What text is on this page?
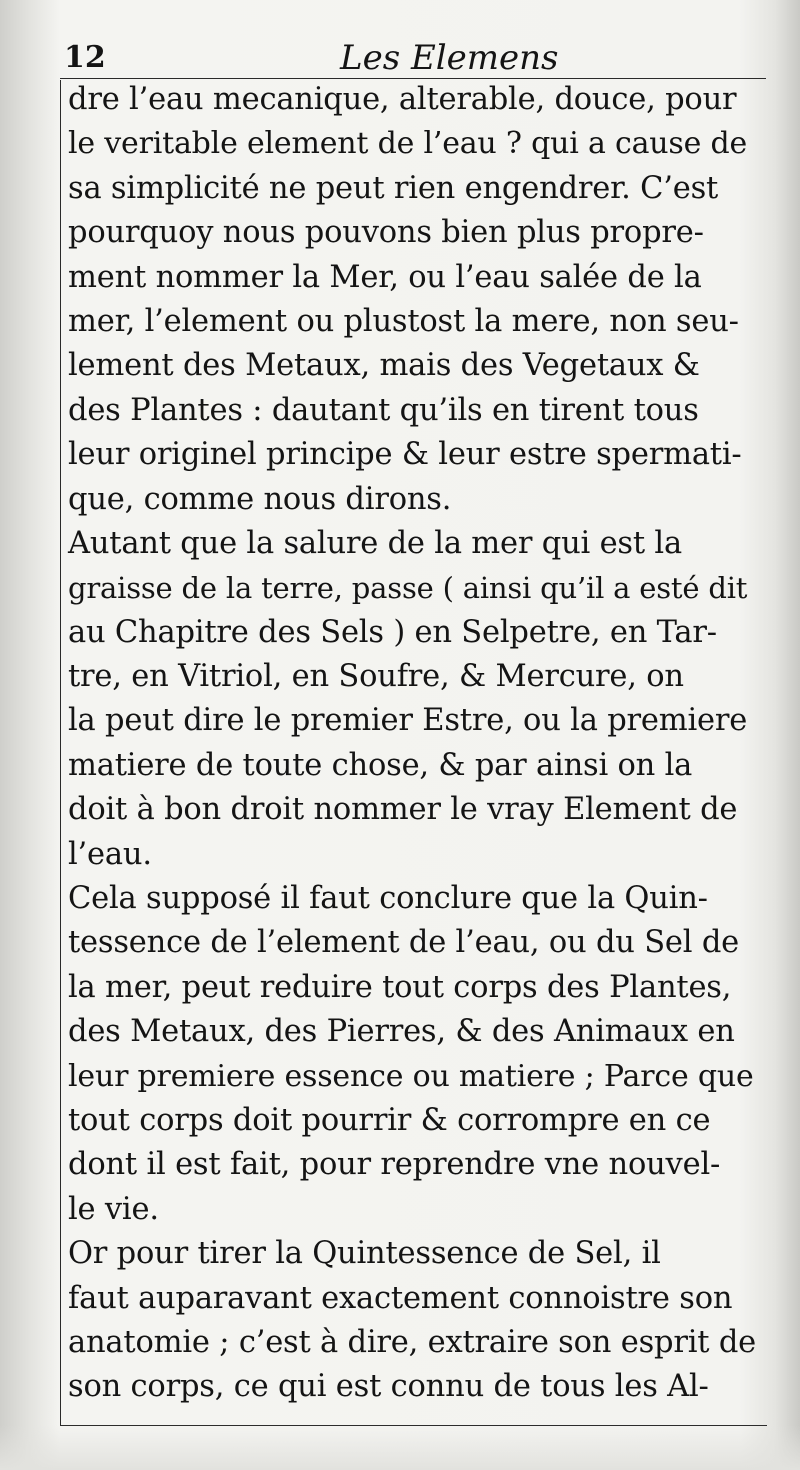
12	Les Elemens
dre l’eau mecanique, alterable, douce, pour
le veritable element de l’eau ? qui a cause de
sa simplicité ne peut rien engendrer. C’est
pourquoy nous pouvons bien plus propre-
ment nommer la Mer, ou l’eau salée de la
mer, l’element ou plustost la mere, non seu-
lement des Metaux, mais des Vegetaux &
des Plantes : dautant qu’ils en tirent tous
leur originel principe & leur estre spermati-
que, comme nous dirons.
Autant que la salure de la mer qui est la
graisse de la terre, passe ( ainsi qu’il a esté dit
au Chapitre des Sels ) en Selpetre, en Tar-
tre, en Vitriol, en Soufre, & Mercure, on
la peut dire le premier Estre, ou la premiere
matiere de toute chose, & par ainsi on la
doit à bon droit nommer le vray Element de
l’eau.
Cela supposé il faut conclure que la Quin-
tessence de l’element de l’eau, ou du Sel de
la mer, peut reduire tout corps des Plantes,
des Metaux, des Pierres, & des Animaux en
leur premiere essence ou matiere ; Parce que
tout corps doit pourrir & corrompre en ce
dont il est fait, pour reprendre vne nouvel-
le vie.
Or pour tirer la Quintessence de Sel, il
faut auparavant exactement connoistre son
anatomie ; c’est à dire, extraire son esprit de
son corps, ce qui est connu de tous les Al-
